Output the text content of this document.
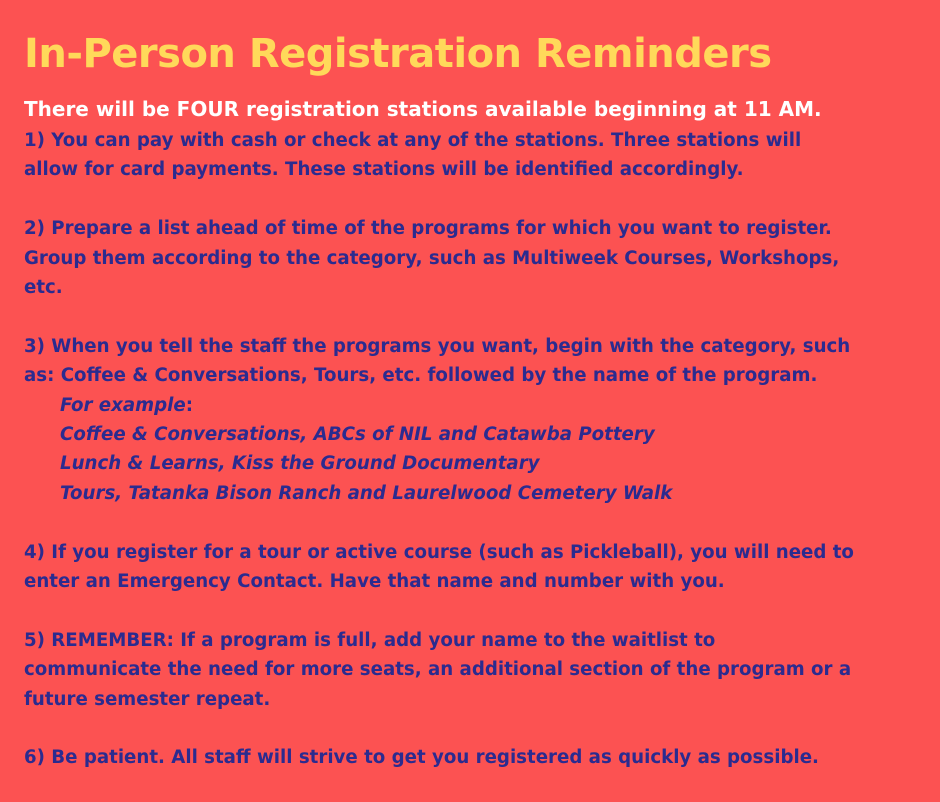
In-Person Registration Reminders

There will be FOUR registration stations available beginning at 11 AM.

1) You can pay with cash or check at any of the stations. Three stations will
allow for card payments. These stations will be identified accordingly.
2) Prepare a list ahead of time of the programs for which you want to register.
Group them according to the category, such as Multiweek Courses, Workshops,
etc.
3) When you tell the staff the programs you want, begin with the category, such
as: Coffee & Conversations, Tours, etc. followed by the name of the program.
For example:
Coffee & Conversations, ABCs of NIL and Catawba Pottery
Lunch & Learns, Kiss the Ground Documentary
Tours, Tatanka Bison Ranch and Laurelwood Cemetery Walk
4) If you register for a tour or active course (such as Pickleball), you will need to
enter an Emergency Contact. Have that name and number with you.
5) REMEMBER: If a program is full, add your name to the waitlist to
communicate the need for more seats, an additional section of the program or a
future semester repeat.
6) Be patient. All staff will strive to get you registered as quickly as possible.
